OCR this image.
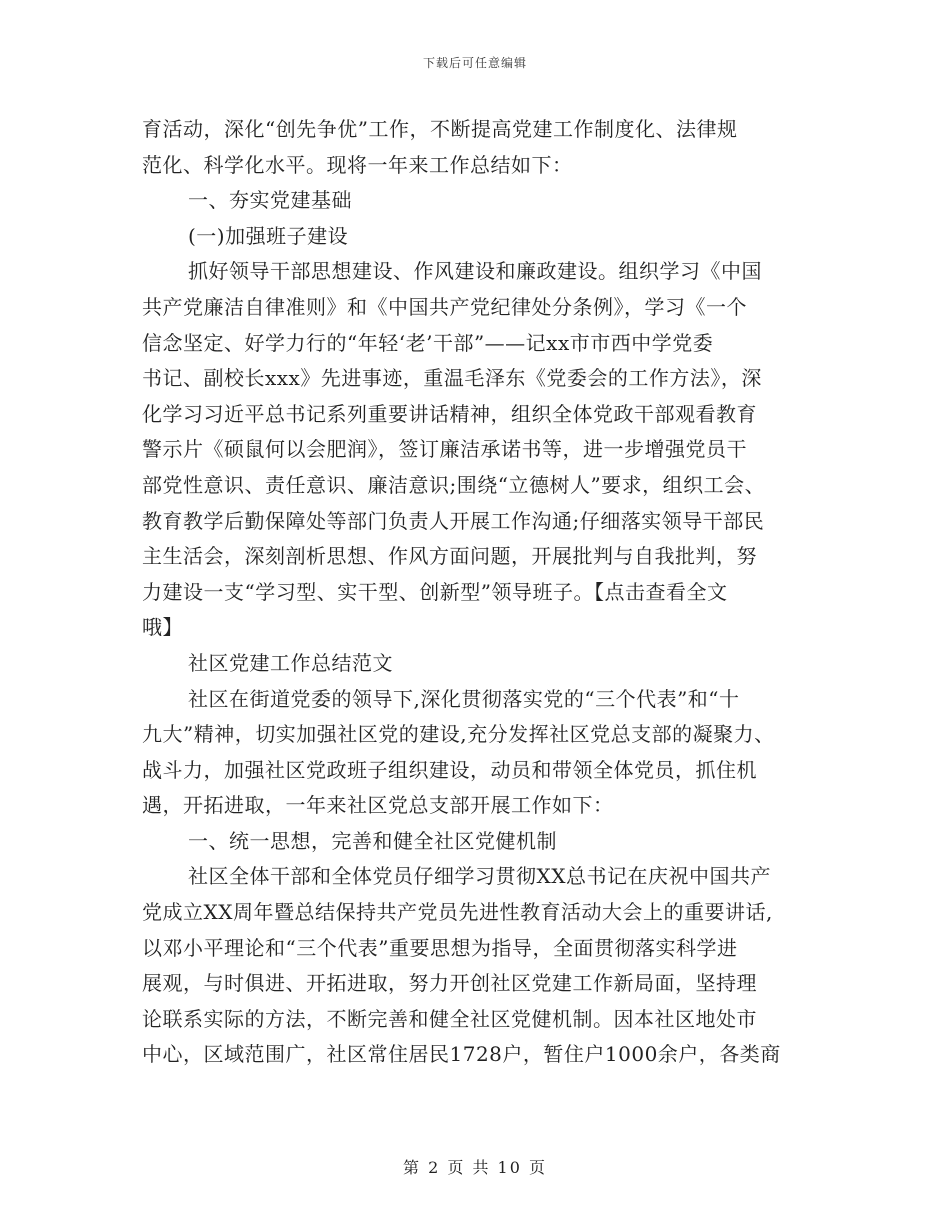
下载后可任意编辑
育活动，深化“创先争优”工作，不断提高党建工作制度化、法律规
范化、科学化水平。现将一年来工作总结如下：
一、夯实党建基础
(一)加强班子建设
抓好领导干部思想建设、作风建设和廉政建设。组织学习《中国
共产党廉洁自律准则》和《中国共产党纪律处分条例》，学习《一个
信念坚定、好学力行的“年轻‘老’干部”——记xx市市西中学党委
书记、副校长xxx》先进事迹，重温毛泽东《党委会的工作方法》，深
化学习习近平总书记系列重要讲话精神，组织全体党政干部观看教育
警示片《硕鼠何以会肥润》，签订廉洁承诺书等，进一步增强党员干
部党性意识、责任意识、廉洁意识;围绕“立德树人”要求，组织工会、
教育教学后勤保障处等部门负责人开展工作沟通;仔细落实领导干部民
主生活会，深刻剖析思想、作风方面问题，开展批判与自我批判，努
力建设一支“学习型、实干型、创新型”领导班子。【点击查看全文
哦】
社区党建工作总结范文
社区在街道党委的领导下,深化贯彻落实党的“三个代表”和“十
九大”精神，切实加强社区党的建设,充分发挥社区党总支部的凝聚力、
战斗力，加强社区党政班子组织建设，动员和带领全体党员，抓住机
遇，开拓进取，一年来社区党总支部开展工作如下：
一、统一思想，完善和健全社区党健机制
社区全体干部和全体党员仔细学习贯彻XX总书记在庆祝中国共产
党成立XX周年暨总结保持共产党员先进性教育活动大会上的重要讲话,
以邓小平理论和“三个代表”重要思想为指导，全面贯彻落实科学进
展观，与时俱进、开拓进取，努力开创社区党建工作新局面，坚持理
论联系实际的方法，不断完善和健全社区党健机制。因本社区地处市
中心，区域范围广，社区常住居民1728户，暂住户1000余户，各类商
第 2 页 共 10 页
